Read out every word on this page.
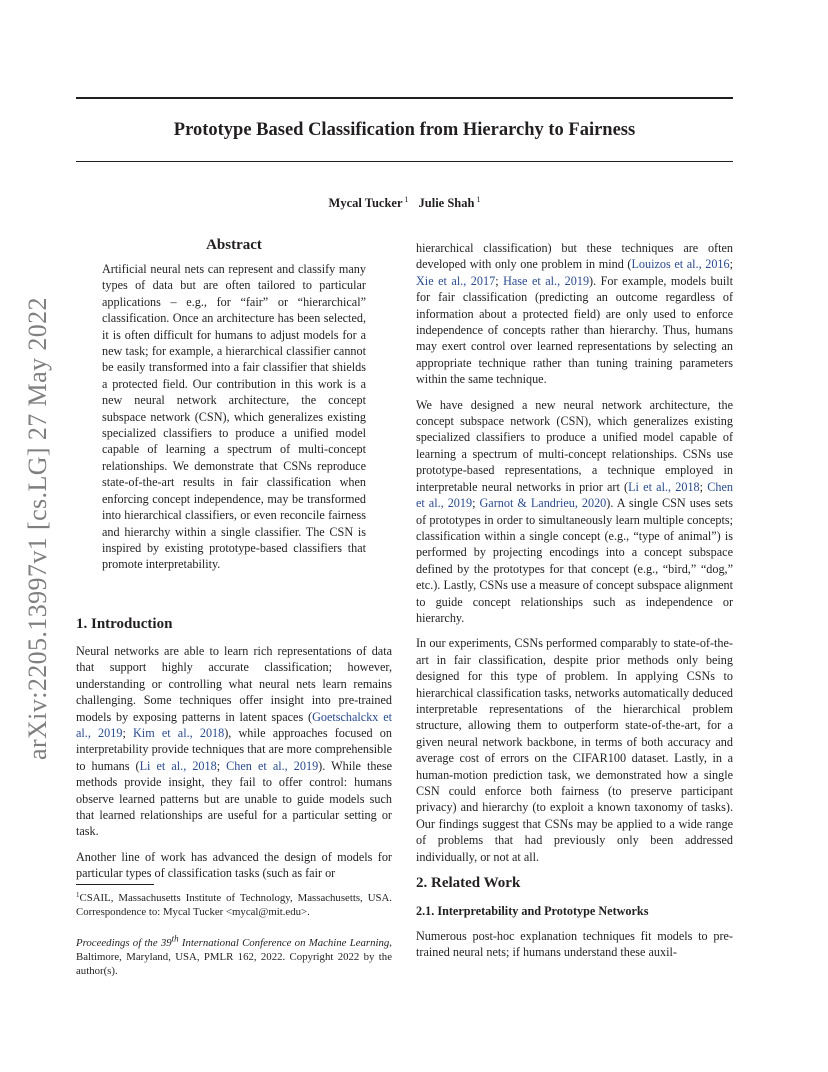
Prototype Based Classification from Hierarchy to Fairness
Mycal Tucker $^1$ Julie Shah $^1$
arXiv:2205.13997v1 [cs.LG] 27 May 2022
Abstract
Artificial neural nets can represent and classify many types of data but are often tailored to particular applications – e.g., for “fair” or “hierarchical” classification. Once an architecture has been selected, it is often difficult for humans to adjust models for a new task; for example, a hierarchical classifier cannot be easily transformed into a fair classifier that shields a protected field. Our contribution in this work is a new neural network architecture, the concept subspace network (CSN), which generalizes existing specialized classifiers to produce a unified model capable of learning a spectrum of multi-concept relationships. We demonstrate that CSNs reproduce state-of-the-art results in fair classification when enforcing concept independence, may be transformed into hierarchical classifiers, or even reconcile fairness and hierarchy within a single classifier. The CSN is inspired by existing prototype-based classifiers that promote interpretability.
1. Introduction

Neural networks are able to learn rich representations of data that support highly accurate classification; however, understanding or controlling what neural nets learn remains challenging. Some techniques offer insight into pre-trained models by exposing patterns in latent spaces (Goetschalckx et al., 2019; Kim et al., 2018), while approaches focused on interpretability provide techniques that are more comprehensible to humans (Li et al., 2018; Chen et al., 2019). While these methods provide insight, they fail to offer control: humans observe learned patterns but are unable to guide models such that learned relationships are useful for a particular setting or task.

Another line of work has advanced the design of models for particular types of classification tasks (such as fair or

hierarchical classification) but these techniques are often developed with only one problem in mind (Louizos et al., 2016; Xie et al., 2017; Hase et al., 2019). For example, models built for fair classification (predicting an outcome regardless of information about a protected field) are only used to enforce independence of concepts rather than hierarchy. Thus, humans may exert control over learned representations by selecting an appropriate technique rather than tuning training parameters within the same technique.

We have designed a new neural network architecture, the concept subspace network (CSN), which generalizes existing specialized classifiers to produce a unified model capable of learning a spectrum of multi-concept relationships. CSNs use prototype-based representations, a technique employed in interpretable neural networks in prior art (Li et al., 2018; Chen et al., 2019; Garnot & Landrieu, 2020). A single CSN uses sets of prototypes in order to simultaneously learn multiple concepts; classification within a single concept (e.g., “type of animal”) is performed by projecting encodings into a concept subspace defined by the prototypes for that concept (e.g., “bird,” “dog,” etc.). Lastly, CSNs use a measure of concept subspace alignment to guide concept relationships such as independence or hierarchy.

In our experiments, CSNs performed comparably to state-of-the-art in fair classification, despite prior methods only being designed for this type of problem. In applying CSNs to hierarchical classification tasks, networks automatically deduced interpretable representations of the hierarchical problem structure, allowing them to outperform state-of-the-art, for a given neural network backbone, in terms of both accuracy and average cost of errors on the CIFAR100 dataset. Lastly, in a human-motion prediction task, we demonstrated how a single CSN could enforce both fairness (to preserve participant privacy) and hierarchy (to exploit a known taxonomy of tasks). Our findings suggest that CSNs may be applied to a wide range of problems that had previously only been addressed individually, or not at all.

2. Related Work
2.1. Interpretability and Prototype Networks
Numerous post-hoc explanation techniques fit models to pre-trained neural nets; if humans understand these auxil-
$^1$CSAIL, Massachusetts Institute of Technology, Massachusetts, USA. Correspondence to: Mycal Tucker <mycal@mit.edu>.
Proceedings of the 39th International Conference on Machine Learning, Baltimore, Maryland, USA, PMLR 162, 2022. Copyright 2022 by the author(s).
